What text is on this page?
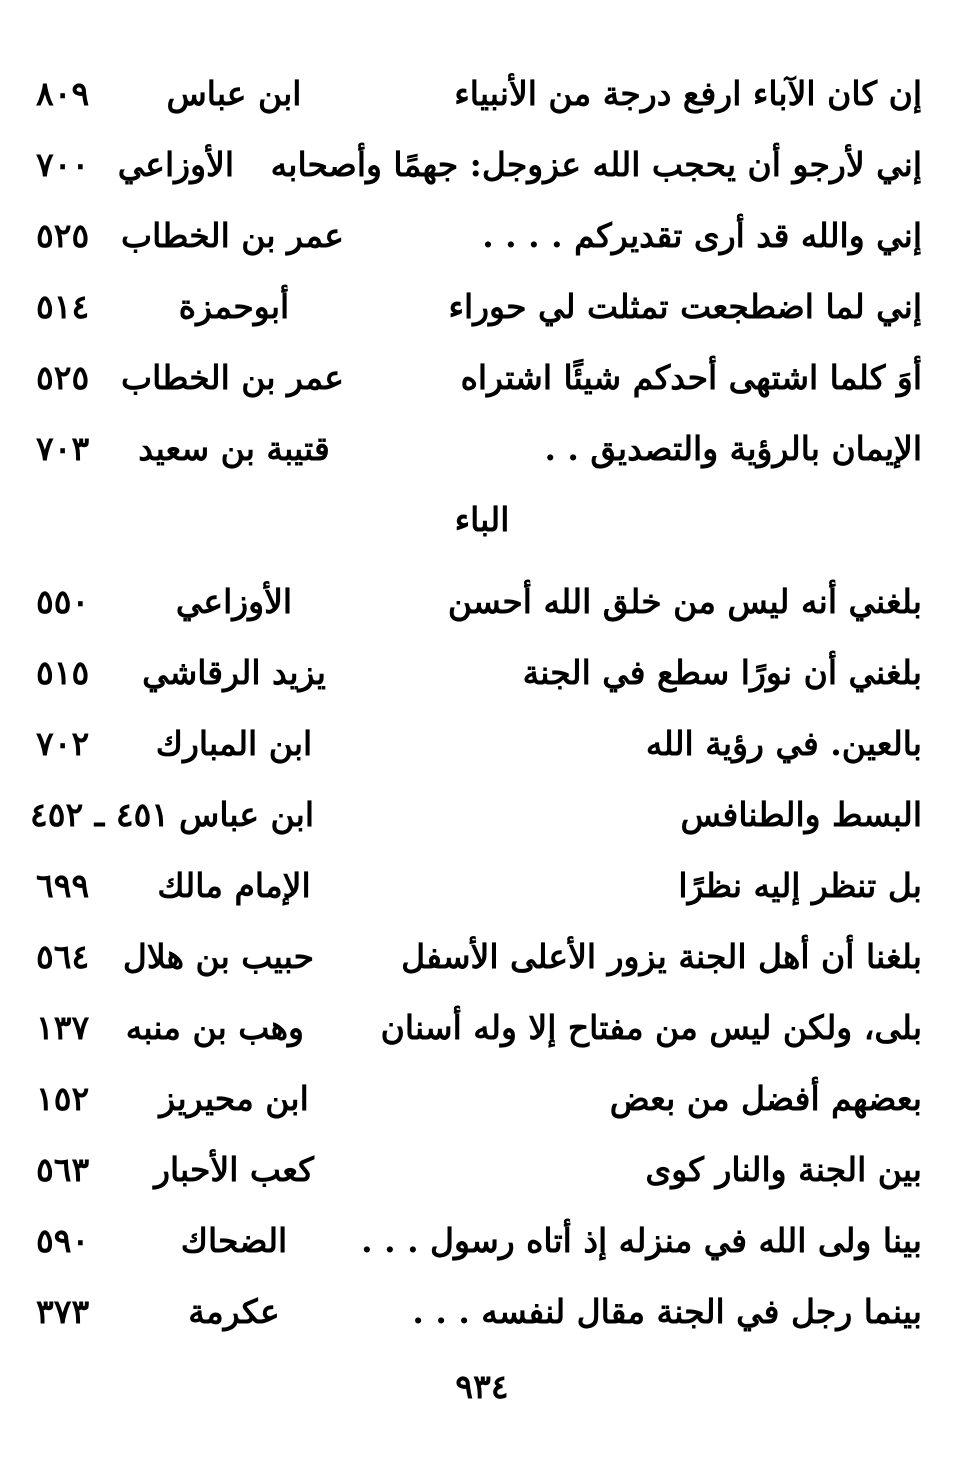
إن كان الآباء ارفع درجة من الأنبياء
ابن عباس
٨٠٩
إني لأرجو أن يحجب الله عزوجل: جهمًا وأصحابه
الأوزاعي
٧٠٠
إني والله قد أرى تقديركم . . . .
عمر بن الخطاب
٥٢٥
إني لما اضطجعت تمثلت لي حوراء
أبوحمزة
٥١٤
أوَ كلما اشتهى أحدكم شيئًا اشتراه
عمر بن الخطاب
٥٢٥
الإيمان بالرؤية والتصديق . .
قتيبة بن سعيد
٧٠٣
الباء
بلغني أنه ليس من خلق الله أحسن
الأوزاعي
٥٥٠
بلغني أن نورًا سطع في الجنة
يزيد الرقاشي
٥١٥
بالعين. في رؤية الله
ابن المبارك
٧٠٢
البسط والطنافس
ابن عباس
٤٥١ ـ ٤٥٢
بل تنظر إليه نظرًا
الإمام مالك
٦٩٩
بلغنا أن أهل الجنة يزور الأعلى الأسفل
حبيب بن هلال
٥٦٤
بلى، ولكن ليس من مفتاح إلا وله أسنان
وهب بن منبه
١٣٧
بعضهم أفضل من بعض
ابن محيريز
١٥٢
بين الجنة والنار كوى
كعب الأحبار
٥٦٣
بينا ولى الله في منزله إذ أتاه رسول . . .
الضحاك
٥٩٠
بينما رجل في الجنة مقال لنفسه . . .
عكرمة
٣٧٣
٩٣٤
